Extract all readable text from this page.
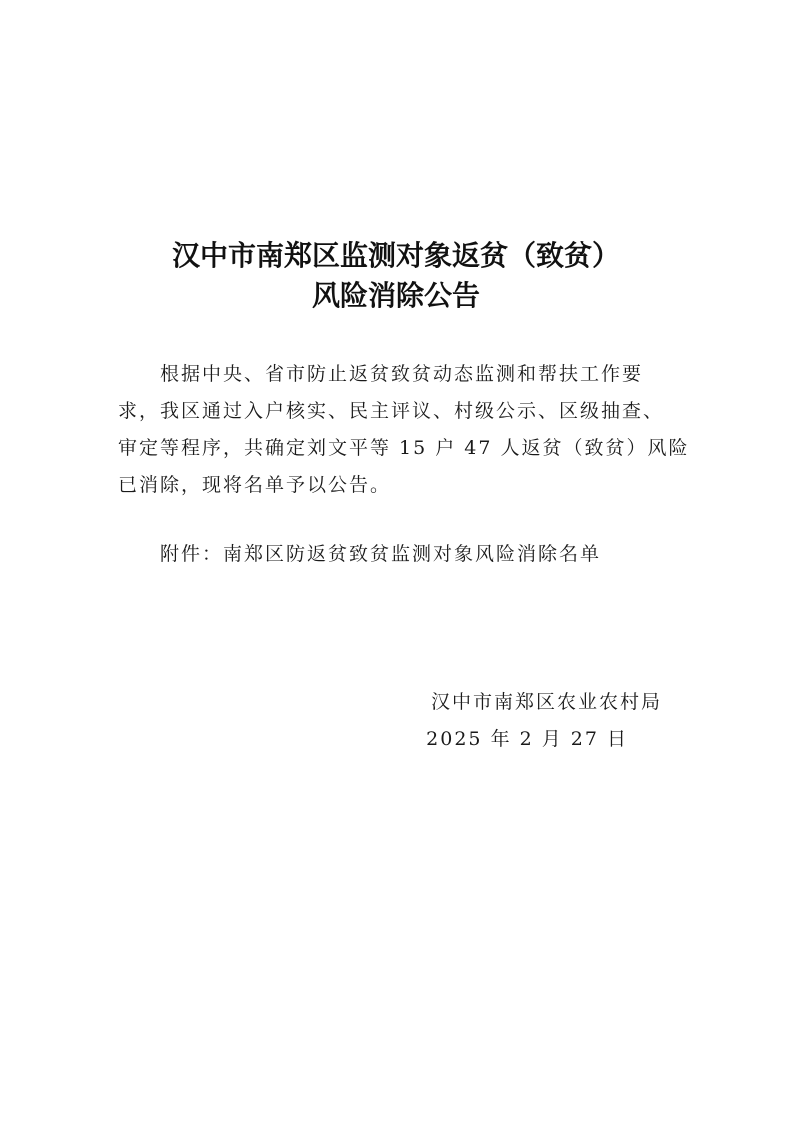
汉中市南郑区监测对象返贫（致贫）
风险消除公告
根据中央、省市防止返贫致贫动态监测和帮扶工作要
求，我区通过入户核实、民主评议、村级公示、区级抽查、
审定等程序，共确定刘文平等 15 户 47 人返贫（致贫）风险
已消除，现将名单予以公告。
附件：南郑区防返贫致贫监测对象风险消除名单
汉中市南郑区农业农村局
2025 年 2 月 27 日
